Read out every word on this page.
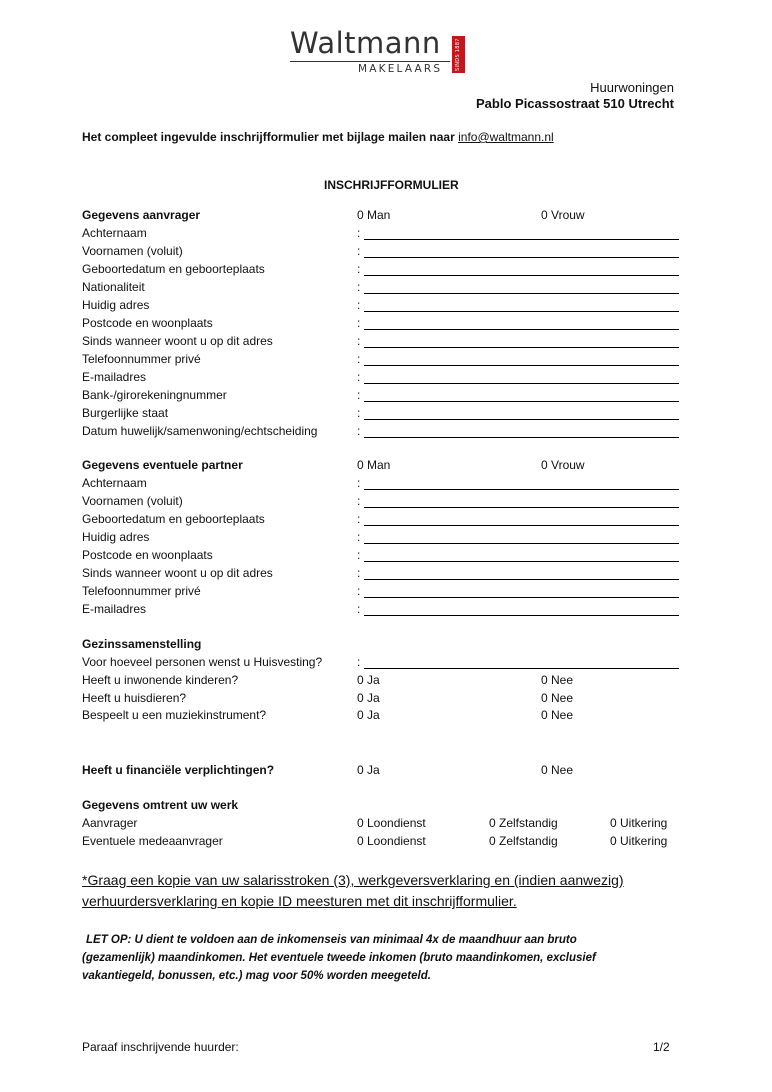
Waltmann	SINDS 1887
MAKELAARS
Huurwoningen
Pablo Picassostraat 510 Utrecht
Het compleet ingevulde inschrijfformulier met bijlage mailen naar info@waltmann.nl
INSCHRIJFFORMULIER
Gegevens aanvrager	0 Man	0 Vrouw
Achternaam	:
Voornamen (voluit)	:
Geboortedatum en geboorteplaats	:
Nationaliteit	:
Huidig adres	:
Postcode en woonplaats	:
Sinds wanneer woont u op dit adres	:
Telefoonnummer privé	:
E-mailadres	:
Bank-/girorekeningnummer	:
Burgerlijke staat	:
Datum huwelijk/samenwoning/echtscheiding	:
Gegevens eventuele partner	0 Man	0 Vrouw
Achternaam	:
Voornamen (voluit)	:
Geboortedatum en geboorteplaats	:
Huidig adres	:
Postcode en woonplaats	:
Sinds wanneer woont u op dit adres	:
Telefoonnummer privé	:
E-mailadres	:
Gezinssamenstelling
Voor hoeveel personen wenst u Huisvesting?	:
Heeft u inwonende kinderen?	0 Ja	0 Nee
Heeft u huisdieren?	0 Ja	0 Nee
Bespeelt u een muziekinstrument?	0 Ja	0 Nee
Heeft u financiële verplichtingen?	0 Ja	0 Nee
Gegevens omtrent uw werk
Aanvrager	0 Loondienst	0 Zelfstandig	0 Uitkering
Eventuele medeaanvrager	0 Loondienst	0 Zelfstandig	0 Uitkering
*Graag een kopie van uw salarisstroken (3), werkgeversverklaring en (indien aanwezig)
verhuurdersverklaring en kopie ID meesturen met dit inschrijfformulier.
LET OP: U dient te voldoen aan de inkomenseis van minimaal 4x de maandhuur aan bruto
(gezamenlijk) maandinkomen. Het eventuele tweede inkomen (bruto maandinkomen, exclusief
vakantiegeld, bonussen, etc.) mag voor 50% worden meegeteld.
Paraaf inschrijvende huurder:	1/2
